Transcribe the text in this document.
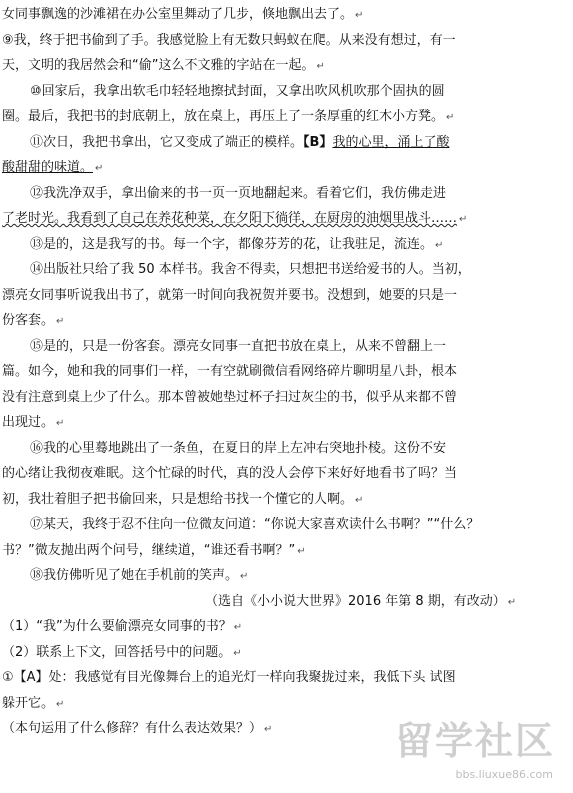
女同事飘逸的沙滩裙在办公室里舞动了几步，倏地飘出去了。 ↵
⑨我，终于把书偷到了手。我感觉脸上有无数只蚂蚁在爬。从来没有想过，有一
天，文明的我居然会和“偷”这么不文雅的字站在一起。 ↵
⑩回家后，我拿出软毛巾轻轻地擦拭封面，又拿出吹风机吹那个固执的圆
圈。最后，我把书的封底朝上，放在桌上，再压上了一条厚重的红木小方凳。 ↵
⑪次日，我把书拿出，它又变成了端正的模样。【B】我的心里，涌上了酸
酸甜甜的味道。 ↵
⑫我洗净双手，拿出偷来的书一页一页地翻起来。看着它们，我仿佛走进
了老时光。我看到了自己在养花种菜，在夕阳下徜徉，在厨房的油烟里战斗…… ↵
⑬是的，这是我写的书。每一个字，都像芬芳的花，让我驻足，流连。 ↵
⑭出版社只给了我 50 本样书。我舍不得卖，只想把书送给爱书的人。当初，
漂亮女同事听说我出书了，就第一时间向我祝贺并要书。没想到，她要的只是一
份客套。 ↵
⑮是的，只是一份客套。漂亮女同事一直把书放在桌上，从来不曾翻上一
篇。如今，她和我的同事们一样，一有空就刷微信看网络碎片聊明星八卦，根本
没有注意到桌上少了什么。那本曾被她垫过杯子扫过灰尘的书，似乎从来都不曾
出现过。 ↵
⑯我的心里蓦地跳出了一条鱼，在夏日的岸上左冲右突地扑棱。这份不安
的心绪让我彻夜难眠。这个忙碌的时代，真的没人会停下来好好地看书了吗？当
初，我壮着胆子把书偷回来，只是想给书找一个懂它的人啊。 ↵
⑰某天，我终于忍不住向一位微友问道：“你说大家喜欢读什么书啊？”“什么？
书？”微友抛出两个问号，继续道，“谁还看书啊？” ↵
⑱我仿佛听见了她在手机前的笑声。 ↵
（选自《小小说大世界》2016 年第 8 期，有改动） ↵
（1）“我”为什么要偷漂亮女同事的书？ ↵
（2）联系上下文，回答括号中的问题。 ↵
①【A】处：我感觉有目光像舞台上的追光灯一样向我聚拢过来，我低下头 试图
躲开它。 ↵
（本句运用了什么修辞？有什么表达效果？） ↵	留学社区
bbs.liuxue86.com
